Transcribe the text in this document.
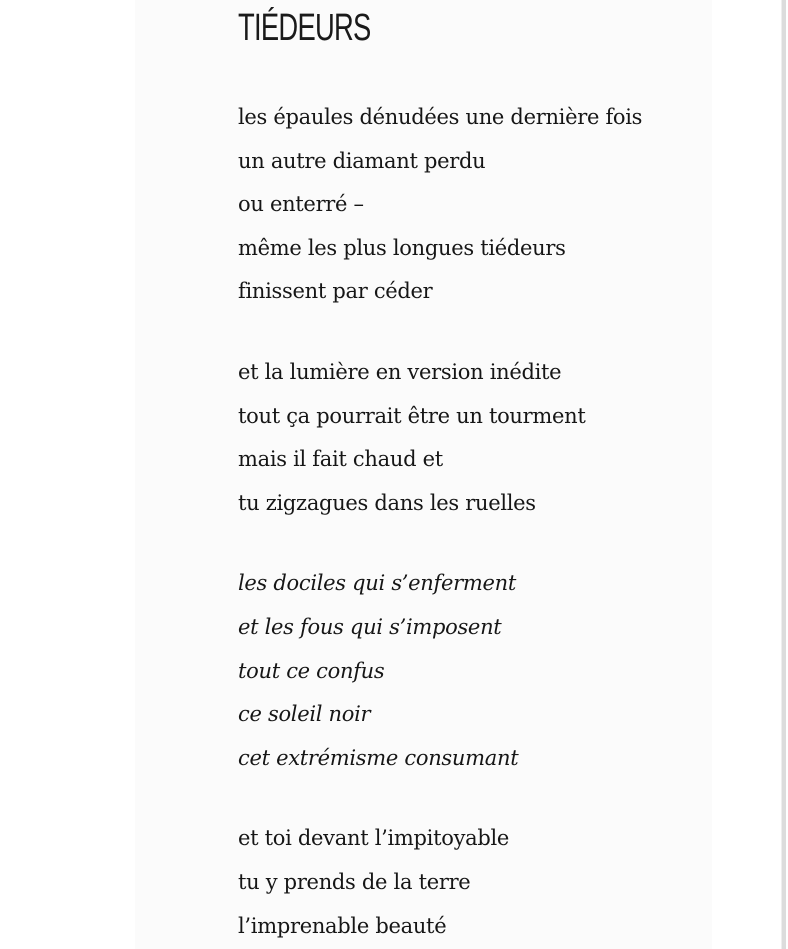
TIÉDEURS
les épaules dénudées une dernière fois
un autre diamant perdu
ou enterré –
même les plus longues tiédeurs
finissent par céder
et la lumière en version inédite
tout ça pourrait être un tourment
mais il fait chaud et
tu zigzagues dans les ruelles
les dociles qui s’enferment
et les fous qui s’imposent
tout ce confus
ce soleil noir
cet extrémisme consumant
et toi devant l’impitoyable
tu y prends de la terre
l’imprenable beauté
